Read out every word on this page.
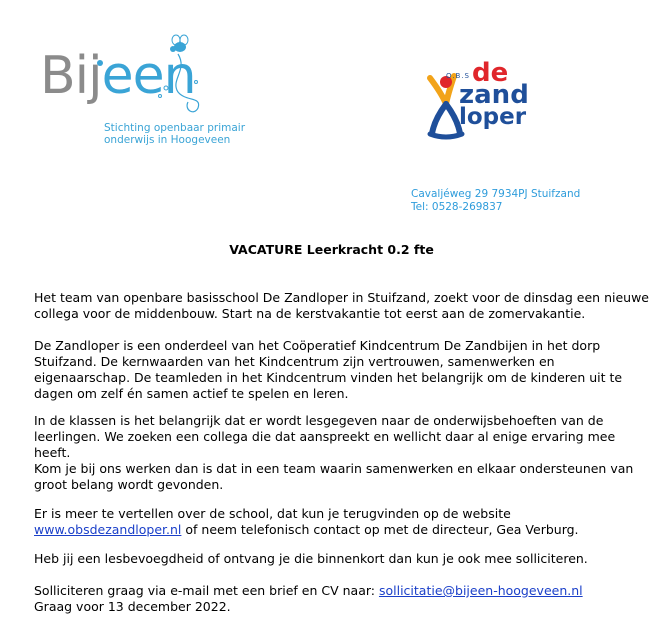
Bijeen
Stichting openbaar primair
onderwijs in Hoogeveen
O.B.S de
zand
loper
Cavaljéweg 29 7934PJ Stuifzand
Tel: 0528-269837
VACATURE Leerkracht 0.2 fte

Het team van openbare basisschool De Zandloper in Stuifzand, zoekt voor de dinsdag een nieuwe collega voor de middenbouw. Start na de kerstvakantie tot eerst aan de zomervakantie.

De Zandloper is een onderdeel van het Coöperatief Kindcentrum De Zandbijen in het dorp Stuifzand. De kernwaarden van het Kindcentrum zijn vertrouwen, samenwerken en eigenaarschap. De teamleden in het Kindcentrum vinden het belangrijk om de kinderen uit te dagen om zelf én samen actief te spelen en leren.

In de klassen is het belangrijk dat er wordt lesgegeven naar de onderwijsbehoeften van de leerlingen. We zoeken een collega die dat aanspreekt en wellicht daar al enige ervaring mee heeft.

Kom je bij ons werken dan is dat in een team waarin samenwerken en elkaar ondersteunen van groot belang wordt gevonden.

Er is meer te vertellen over de school, dat kun je terugvinden op de website
www.obsdezandloper.nl of neem telefonisch contact op met de directeur, Gea Verburg.

Heb jij een lesbevoegdheid of ontvang je die binnenkort dan kun je ook mee solliciteren.

Solliciteren graag via e-mail met een brief en CV naar: sollicitatie@bijeen-hoogeveen.nl
Graag voor 13 december 2022.
